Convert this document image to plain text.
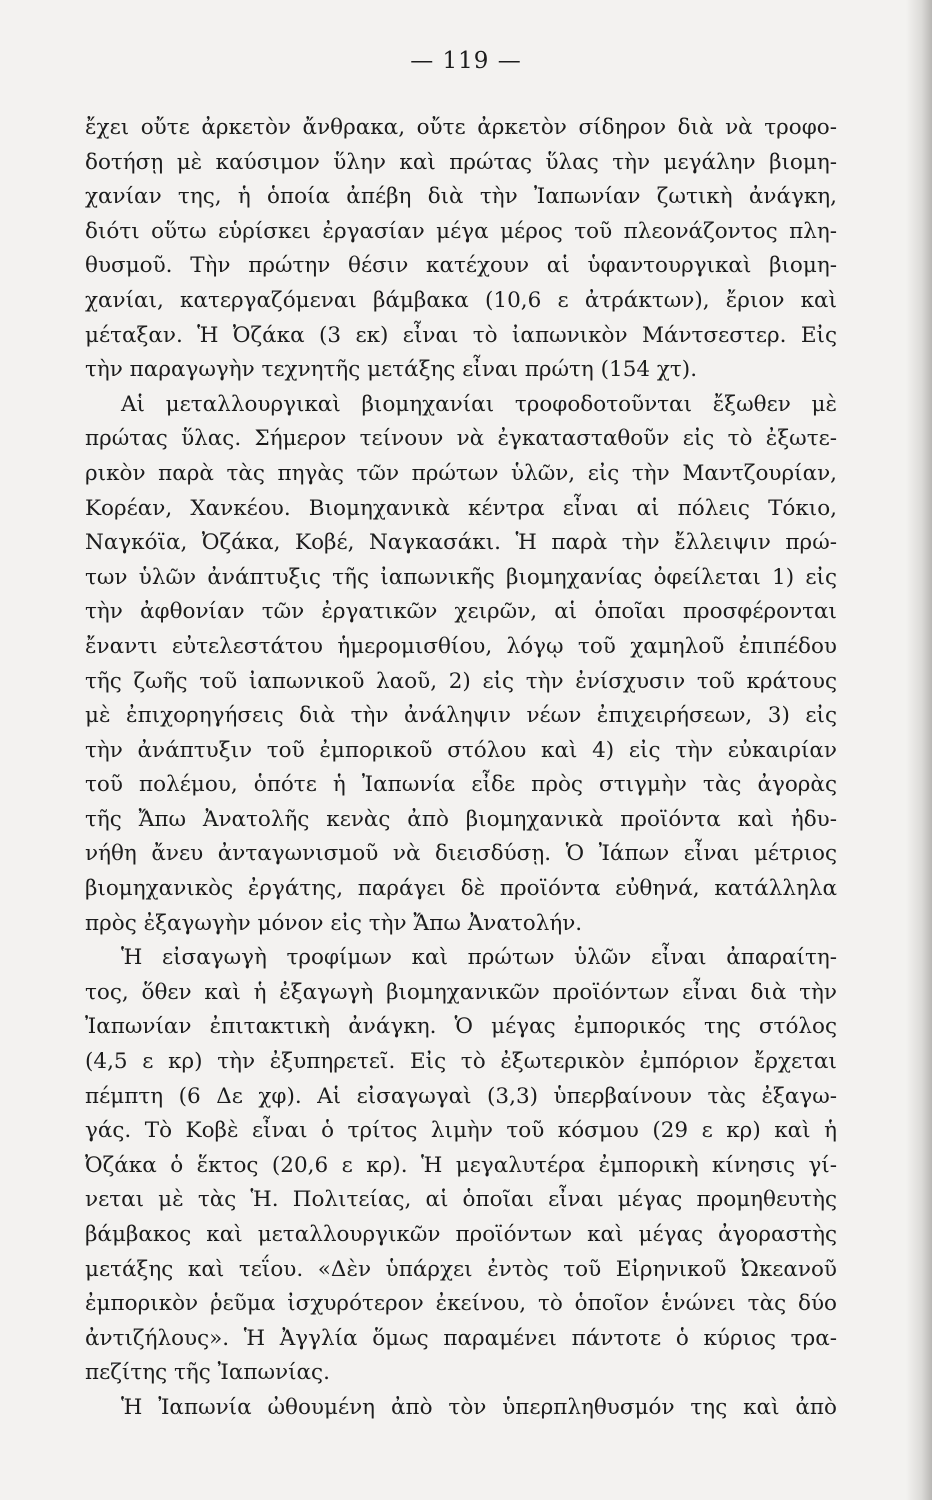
— 119 —
ἔχει οὔτε ἀρκετὸν ἄνθρακα, οὔτε ἀρκετὸν σίδηρον διὰ νὰ τροφο-
δοτήσῃ μὲ καύσιμον ὕλην καὶ πρώτας ὕλας τὴν μεγάλην βιομη-
χανίαν της, ἡ ὁποία ἀπέβη διὰ τὴν Ἰαπωνίαν ζωτικὴ ἀνάγκη,
διότι οὕτω εὑρίσκει ἐργασίαν μέγα μέρος τοῦ πλεονάζοντος πλη-
θυσμοῦ. Τὴν πρώτην θέσιν κατέχουν αἱ ὑφαντουργικαὶ βιομη-
χανίαι, κατεργαζόμεναι βάμβακα (10,6 ε ἀτράκτων), ἔριον καὶ
μέταξαν. Ἡ Ὀζάκα (3 εκ) εἶναι τὸ ἰαπωνικὸν Μάντσεστερ. Εἰς
τὴν παραγωγὴν τεχνητῆς μετάξης εἶναι πρώτη (154 χτ).
Αἱ μεταλλουργικαὶ βιομηχανίαι τροφοδοτοῦνται ἔξωθεν μὲ
πρώτας ὕλας. Σήμερον τείνουν νὰ ἐγκατασταθοῦν εἰς τὸ ἐξωτε-
ρικὸν παρὰ τὰς πηγὰς τῶν πρώτων ὑλῶν, εἰς τὴν Μαντζουρίαν,
Κορέαν, Χανκέου. Βιομηχανικὰ κέντρα εἶναι αἱ πόλεις Τόκιο,
Ναγκόϊα, Ὀζάκα, Κοβέ, Ναγκασάκι. Ἡ παρὰ τὴν ἔλλειψιν πρώ-
των ὑλῶν ἀνάπτυξις τῆς ἰαπωνικῆς βιομηχανίας ὀφείλεται 1) εἰς
τὴν ἀφθονίαν τῶν ἐργατικῶν χειρῶν, αἱ ὁποῖαι προσφέρονται
ἔναντι εὐτελεστάτου ἡμερομισθίου, λόγῳ τοῦ χαμηλοῦ ἐπιπέδου
τῆς ζωῆς τοῦ ἰαπωνικοῦ λαοῦ, 2) εἰς τὴν ἐνίσχυσιν τοῦ κράτους
μὲ ἐπιχορηγήσεις διὰ τὴν ἀνάληψιν νέων ἐπιχειρήσεων, 3) εἰς
τὴν ἀνάπτυξιν τοῦ ἐμπορικοῦ στόλου καὶ 4) εἰς τὴν εὐκαιρίαν
τοῦ πολέμου, ὁπότε ἡ Ἰαπωνία εἶδε πρὸς στιγμὴν τὰς ἀγορὰς
τῆς Ἄπω Ἀνατολῆς κενὰς ἀπὸ βιομηχανικὰ προϊόντα καὶ ἠδυ-
νήθη ἄνευ ἀνταγωνισμοῦ νὰ διεισδύσῃ. Ὁ Ἰάπων εἶναι μέτριος
βιομηχανικὸς ἐργάτης, παράγει δὲ προϊόντα εὐθηνά, κατάλληλα
πρὸς ἐξαγωγὴν μόνον εἰς τὴν Ἄπω Ἀνατολήν.
Ἡ εἰσαγωγὴ τροφίμων καὶ πρώτων ὑλῶν εἶναι ἀπαραίτη-
τος, ὅθεν καὶ ἡ ἐξαγωγὴ βιομηχανικῶν προϊόντων εἶναι διὰ τὴν
Ἰαπωνίαν ἐπιτακτικὴ ἀνάγκη. Ὁ μέγας ἐμπορικός της στόλος
(4,5 ε κρ) τὴν ἐξυπηρετεῖ. Εἰς τὸ ἐξωτερικὸν ἐμπόριον ἔρχεται
πέμπτη (6 Δε χφ). Αἱ εἰσαγωγαὶ (3,3) ὑπερβαίνουν τὰς ἐξαγω-
γάς. Τὸ Κοβὲ εἶναι ὁ τρίτος λιμὴν τοῦ κόσμου (29 ε κρ) καὶ ἡ
Ὀζάκα ὁ ἕκτος (20,6 ε κρ). Ἡ μεγαλυτέρα ἐμπορικὴ κίνησις γί-
νεται μὲ τὰς Ἡ. Πολιτείας, αἱ ὁποῖαι εἶναι μέγας προμηθευτὴς
βάμβακος καὶ μεταλλουργικῶν προϊόντων καὶ μέγας ἀγοραστὴς
μετάξης καὶ τεΐου. «Δὲν ὑπάρχει ἐντὸς τοῦ Εἰρηνικοῦ Ὠκεανοῦ
ἐμπορικὸν ῥεῦμα ἰσχυρότερον ἐκείνου, τὸ ὁποῖον ἑνώνει τὰς δύο
ἀντιζήλους». Ἡ Ἀγγλία ὅμως παραμένει πάντοτε ὁ κύριος τρα-
πεζίτης τῆς Ἰαπωνίας.
Ἡ Ἰαπωνία ὠθουμένη ἀπὸ τὸν ὑπερπληθυσμόν της καὶ ἀπὸ
